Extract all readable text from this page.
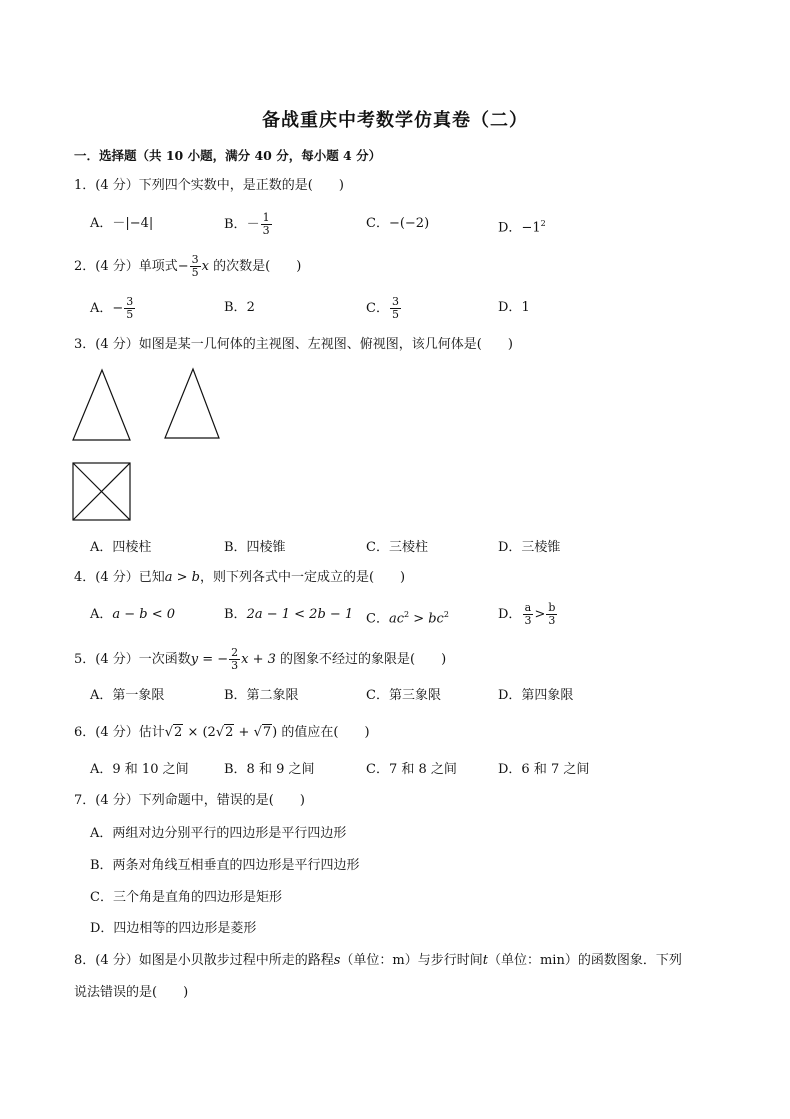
备战重庆中考数学仿真卷（二）
一．选择题（共 10 小题，满分 40 分，每小题 4 分）
1．(4 分）下列四个实数中，是正数的是(　　)
A．－|−4|	B．－ $\frac{1}{3}$	C．−(−2)	D．$-1^2$
2．(4 分）单项式− $\frac{3}{5}$ x 的次数是(　　)
A．− $\frac{3}{5}$	B．2	C． $\frac{3}{5}$	D．1
3．(4 分）如图是某一几何体的主视图、左视图、俯视图，该几何体是(　　)
A．四棱柱	B．四棱锥	C．三棱柱	D．三棱锥
4．(4 分）已知a > b，则下列各式中一定成立的是(　　)
A．a − b < 0	B．2a − 1 < 2b − 1 C．$ac^2 > bc^2$	D． $\frac{a}{3} > \frac{b}{3}$
5．(4 分）一次函数y = − $\frac{2}{3}$ x + 3 的图象不经过的象限是(　　)
A．第一象限	B．第二象限	C．第三象限	D．第四象限
6．(4 分）估计√2 × (2√2 + √7) 的值应在(　　)
A．9 和 10 之间	B．8 和 9 之间	C．7 和 8 之间	D．6 和 7 之间
7．(4 分）下列命题中，错误的是(　　)
A．两组对边分别平行的四边形是平行四边形
B．两条对角线互相垂直的四边形是平行四边形
C．三个角是直角的四边形是矩形
D．四边相等的四边形是菱形
8．(4 分）如图是小贝散步过程中所走的路程s（单位：m）与步行时间t（单位：min）的函数图象．下列
说法错误的是(　　)
